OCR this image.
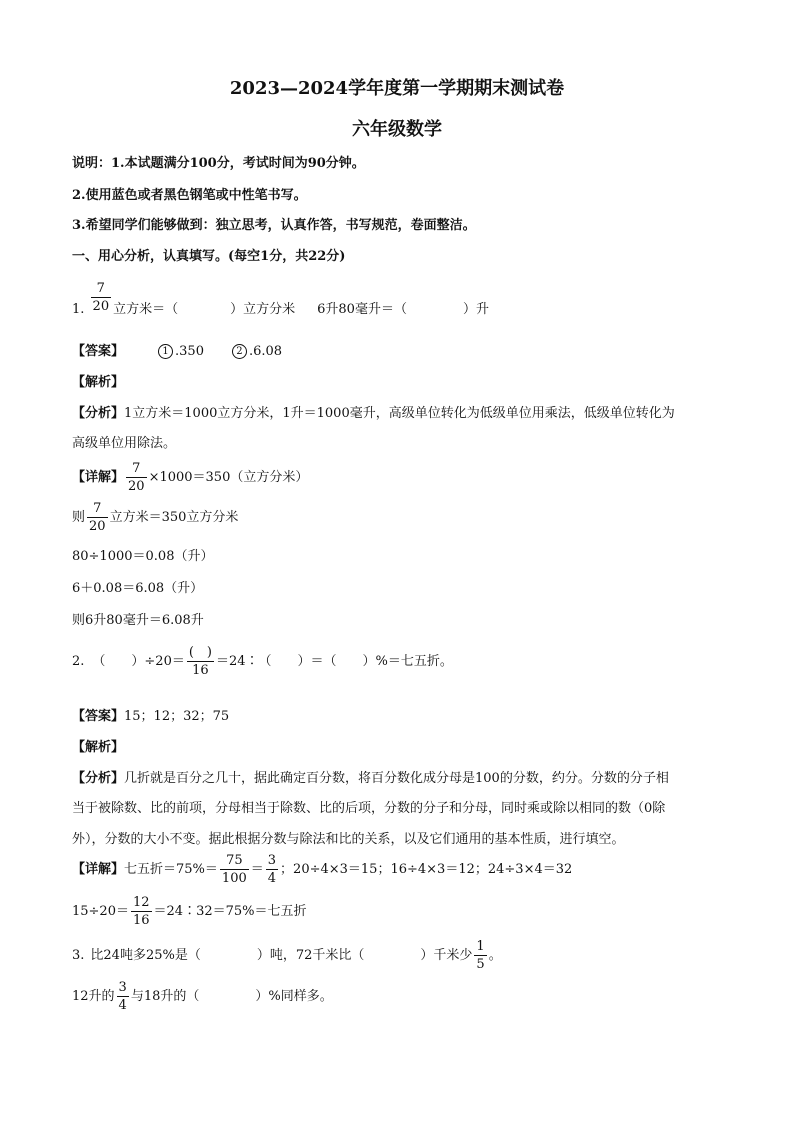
2023—2024学年度第一学期期末测试卷
六年级数学
说明：1.本试题满分100分，考试时间为90分钟。
2.使用蓝色或者黑色钢笔或中性笔书写。
3.希望同学们能够做到：独立思考，认真作答，书写规范，卷面整洁。
一、用心分析，认真填写。(每空1分，共22分)
1. $\frac{7}{20}$ 立方米＝（	）立方分米 6升80毫升＝（	）升
【答案】	1 .350	2 .6.08
【解析】
【分析】1立方米＝1000立方分米，1升＝1000毫升，高级单位转化为低级单位用乘法，低级单位转化为
高级单位用除法。
【详解】 $\frac{7}{20} \times 1000=350$（立方分米）
则 $\frac{7}{20}$ 立方米＝350立方分米
80÷1000＝0.08（升）
6＋0.08＝6.08（升）
则6升80毫升＝6.08升
2. （　　）$\div 20= \frac{( )}{16}$ ＝24∶（　　）＝（　　）%＝七五折。
【答案】15；12；32；75
【解析】
【分析】几折就是百分之几十，据此确定百分数，将百分数化成分母是100的分数，约分。分数的分子相
当于被除数、比的前项，分母相当于除数、比的后项，分数的分子和分母，同时乘或除以相同的数（0除
外），分数的大小不变。据此根据分数与除法和比的关系，以及它们通用的基本性质，进行填空。
【详解】七五折$=75\%= \frac{75}{100} = \frac{3}{4}$ ；20÷4×3＝15；16÷4×3＝12；24÷3×4＝32
$15\div 20= \frac{12}{16}$ ＝24∶32＝75%＝七五折
3. 比24吨多25%是（	）吨，72千米比（	）千米少 $\frac{1}{5}$ 。
12升的 $\frac{3}{4}$ 与18升的（	）%同样多。
